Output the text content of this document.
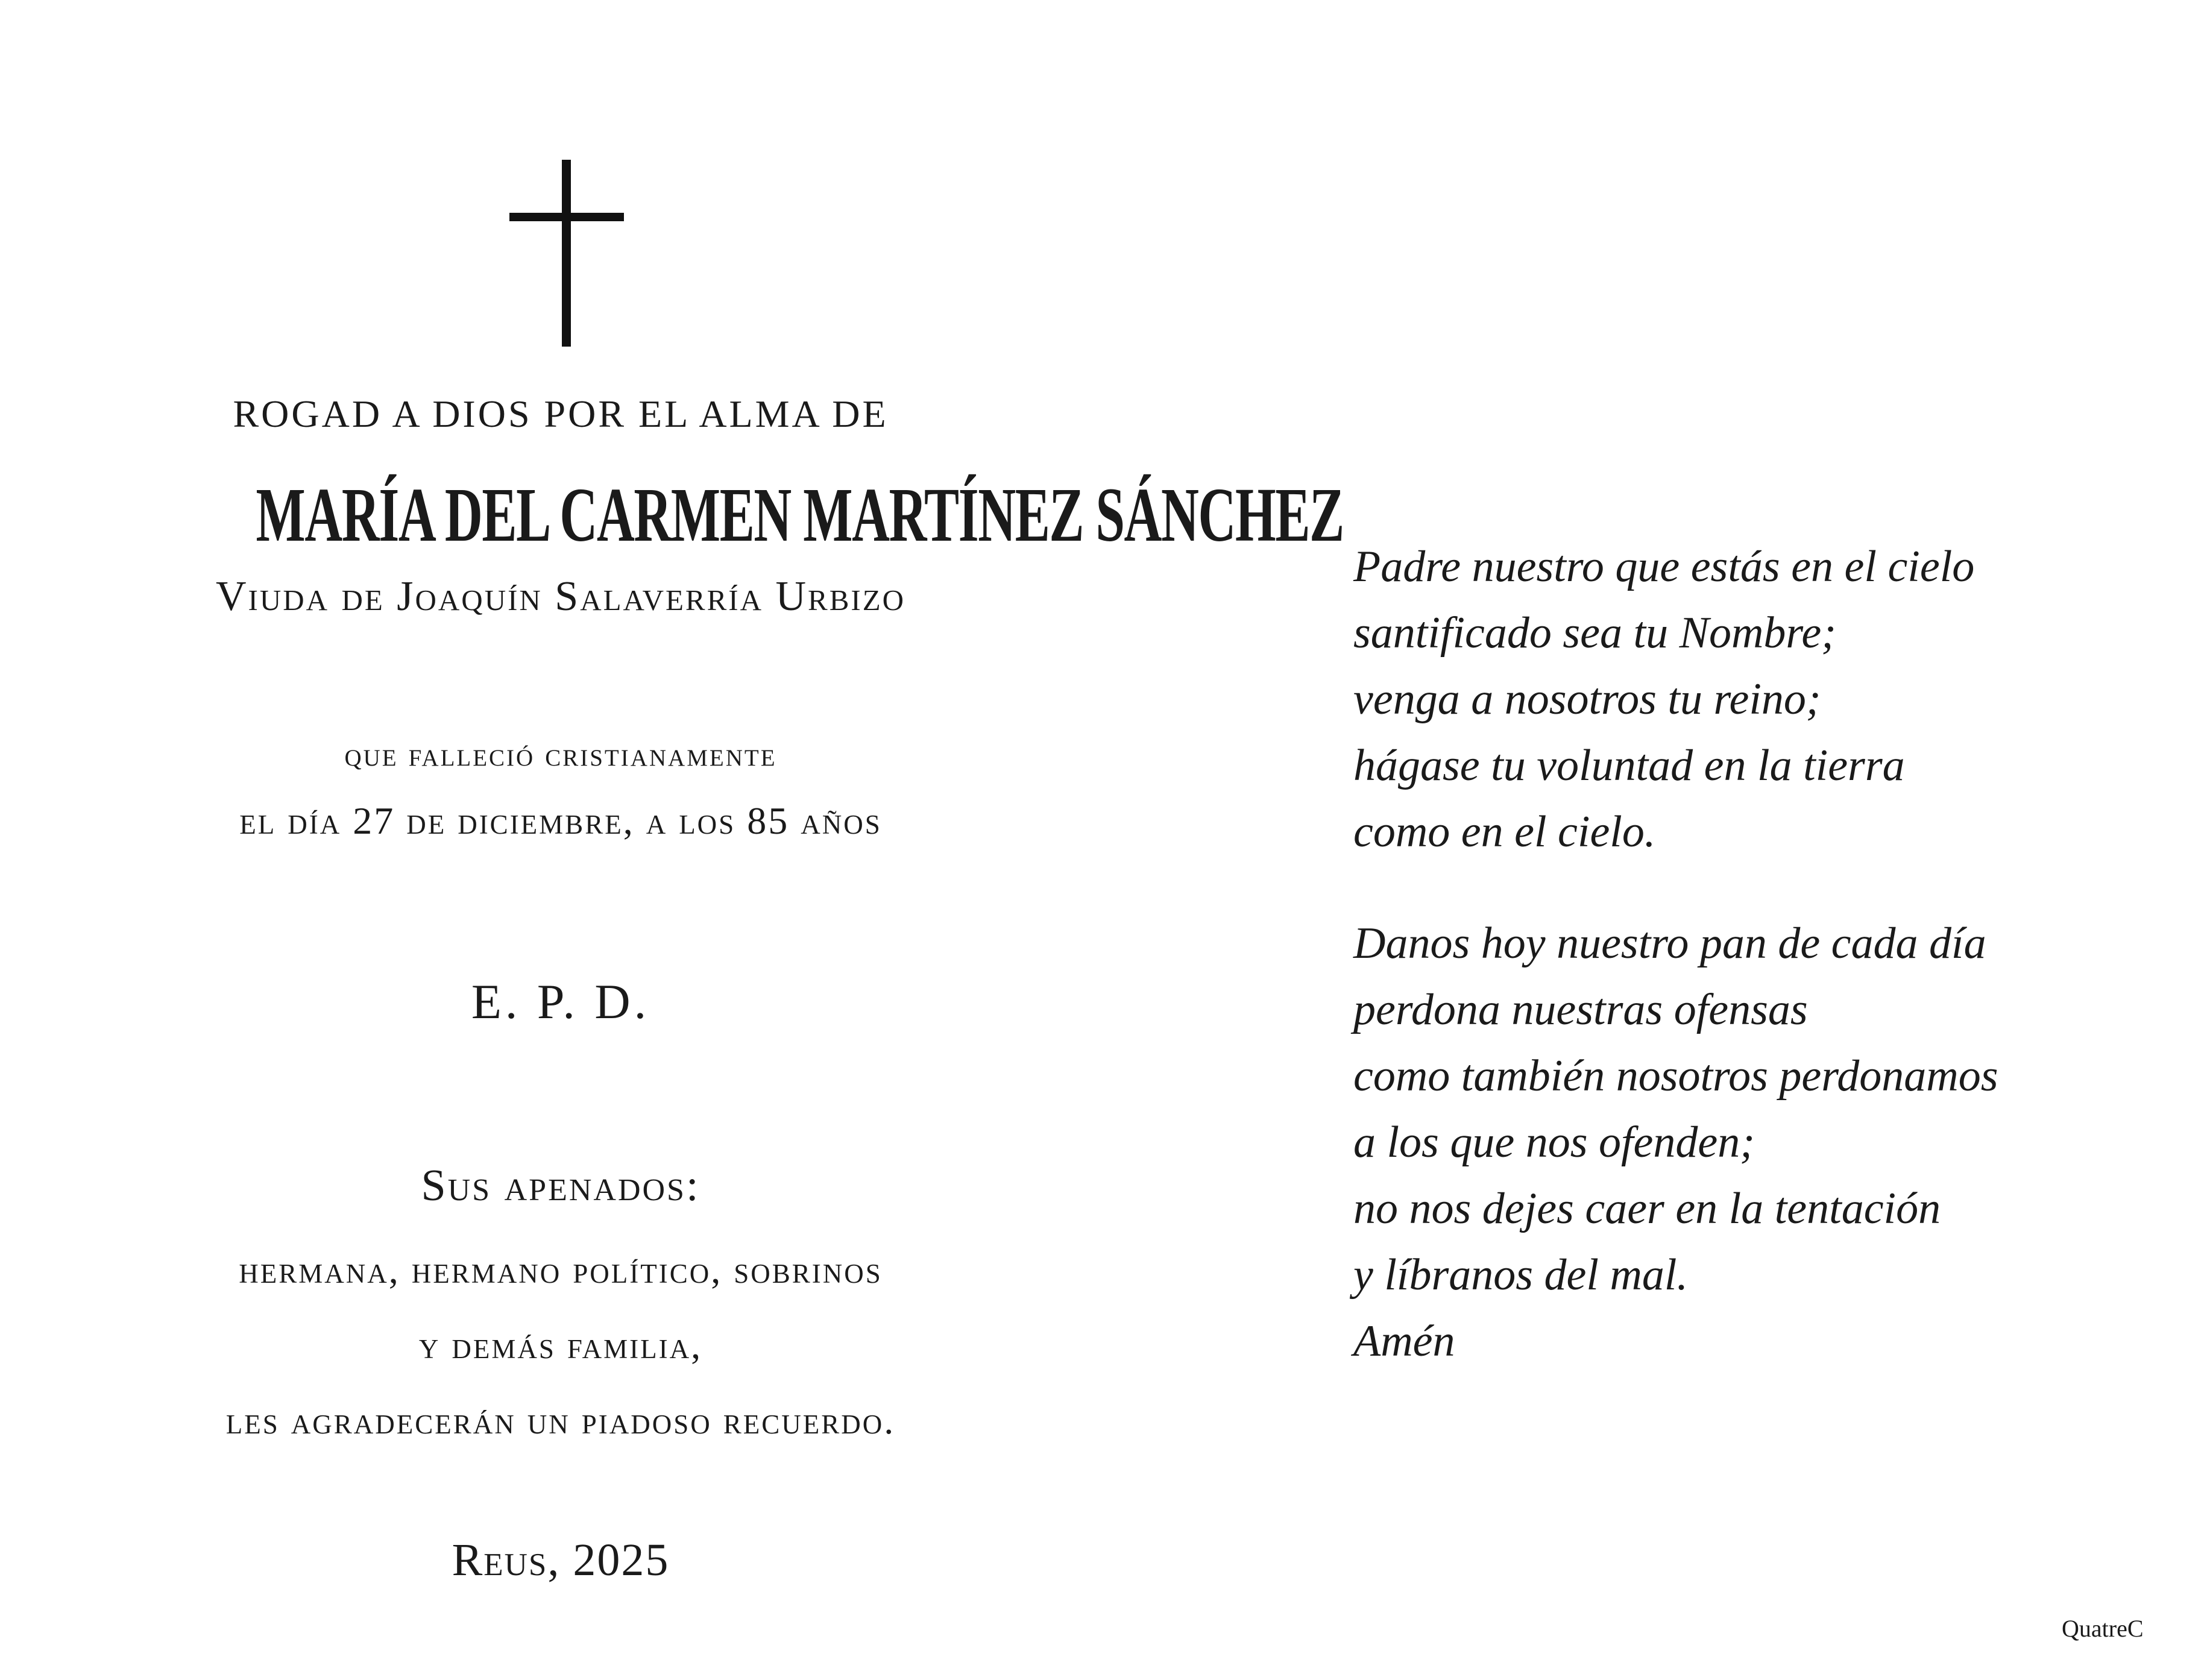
ROGAD A DIOS POR EL ALMA DE
MARÍA DEL CARMEN MARTÍNEZ SÁNCHEZ
Viuda de Joaquín Salaverría Urbizo
que falleció cristianamente
el día 27 de diciembre, a los 85 años
E. P. D.
Sus apenados:
hermana, hermano político, sobrinos
y demás familia,
les agradecerán un piadoso recuerdo.
Reus, 2025
Padre nuestro que estás en el cielo
santificado sea tu Nombre;
venga a nosotros tu reino;
hágase tu voluntad en la tierra
como en el cielo.
Danos hoy nuestro pan de cada día
perdona nuestras ofensas
como también nosotros perdonamos
a los que nos ofenden;
no nos dejes caer en la tentación
y líbranos del mal.
Amén
QuatreC
